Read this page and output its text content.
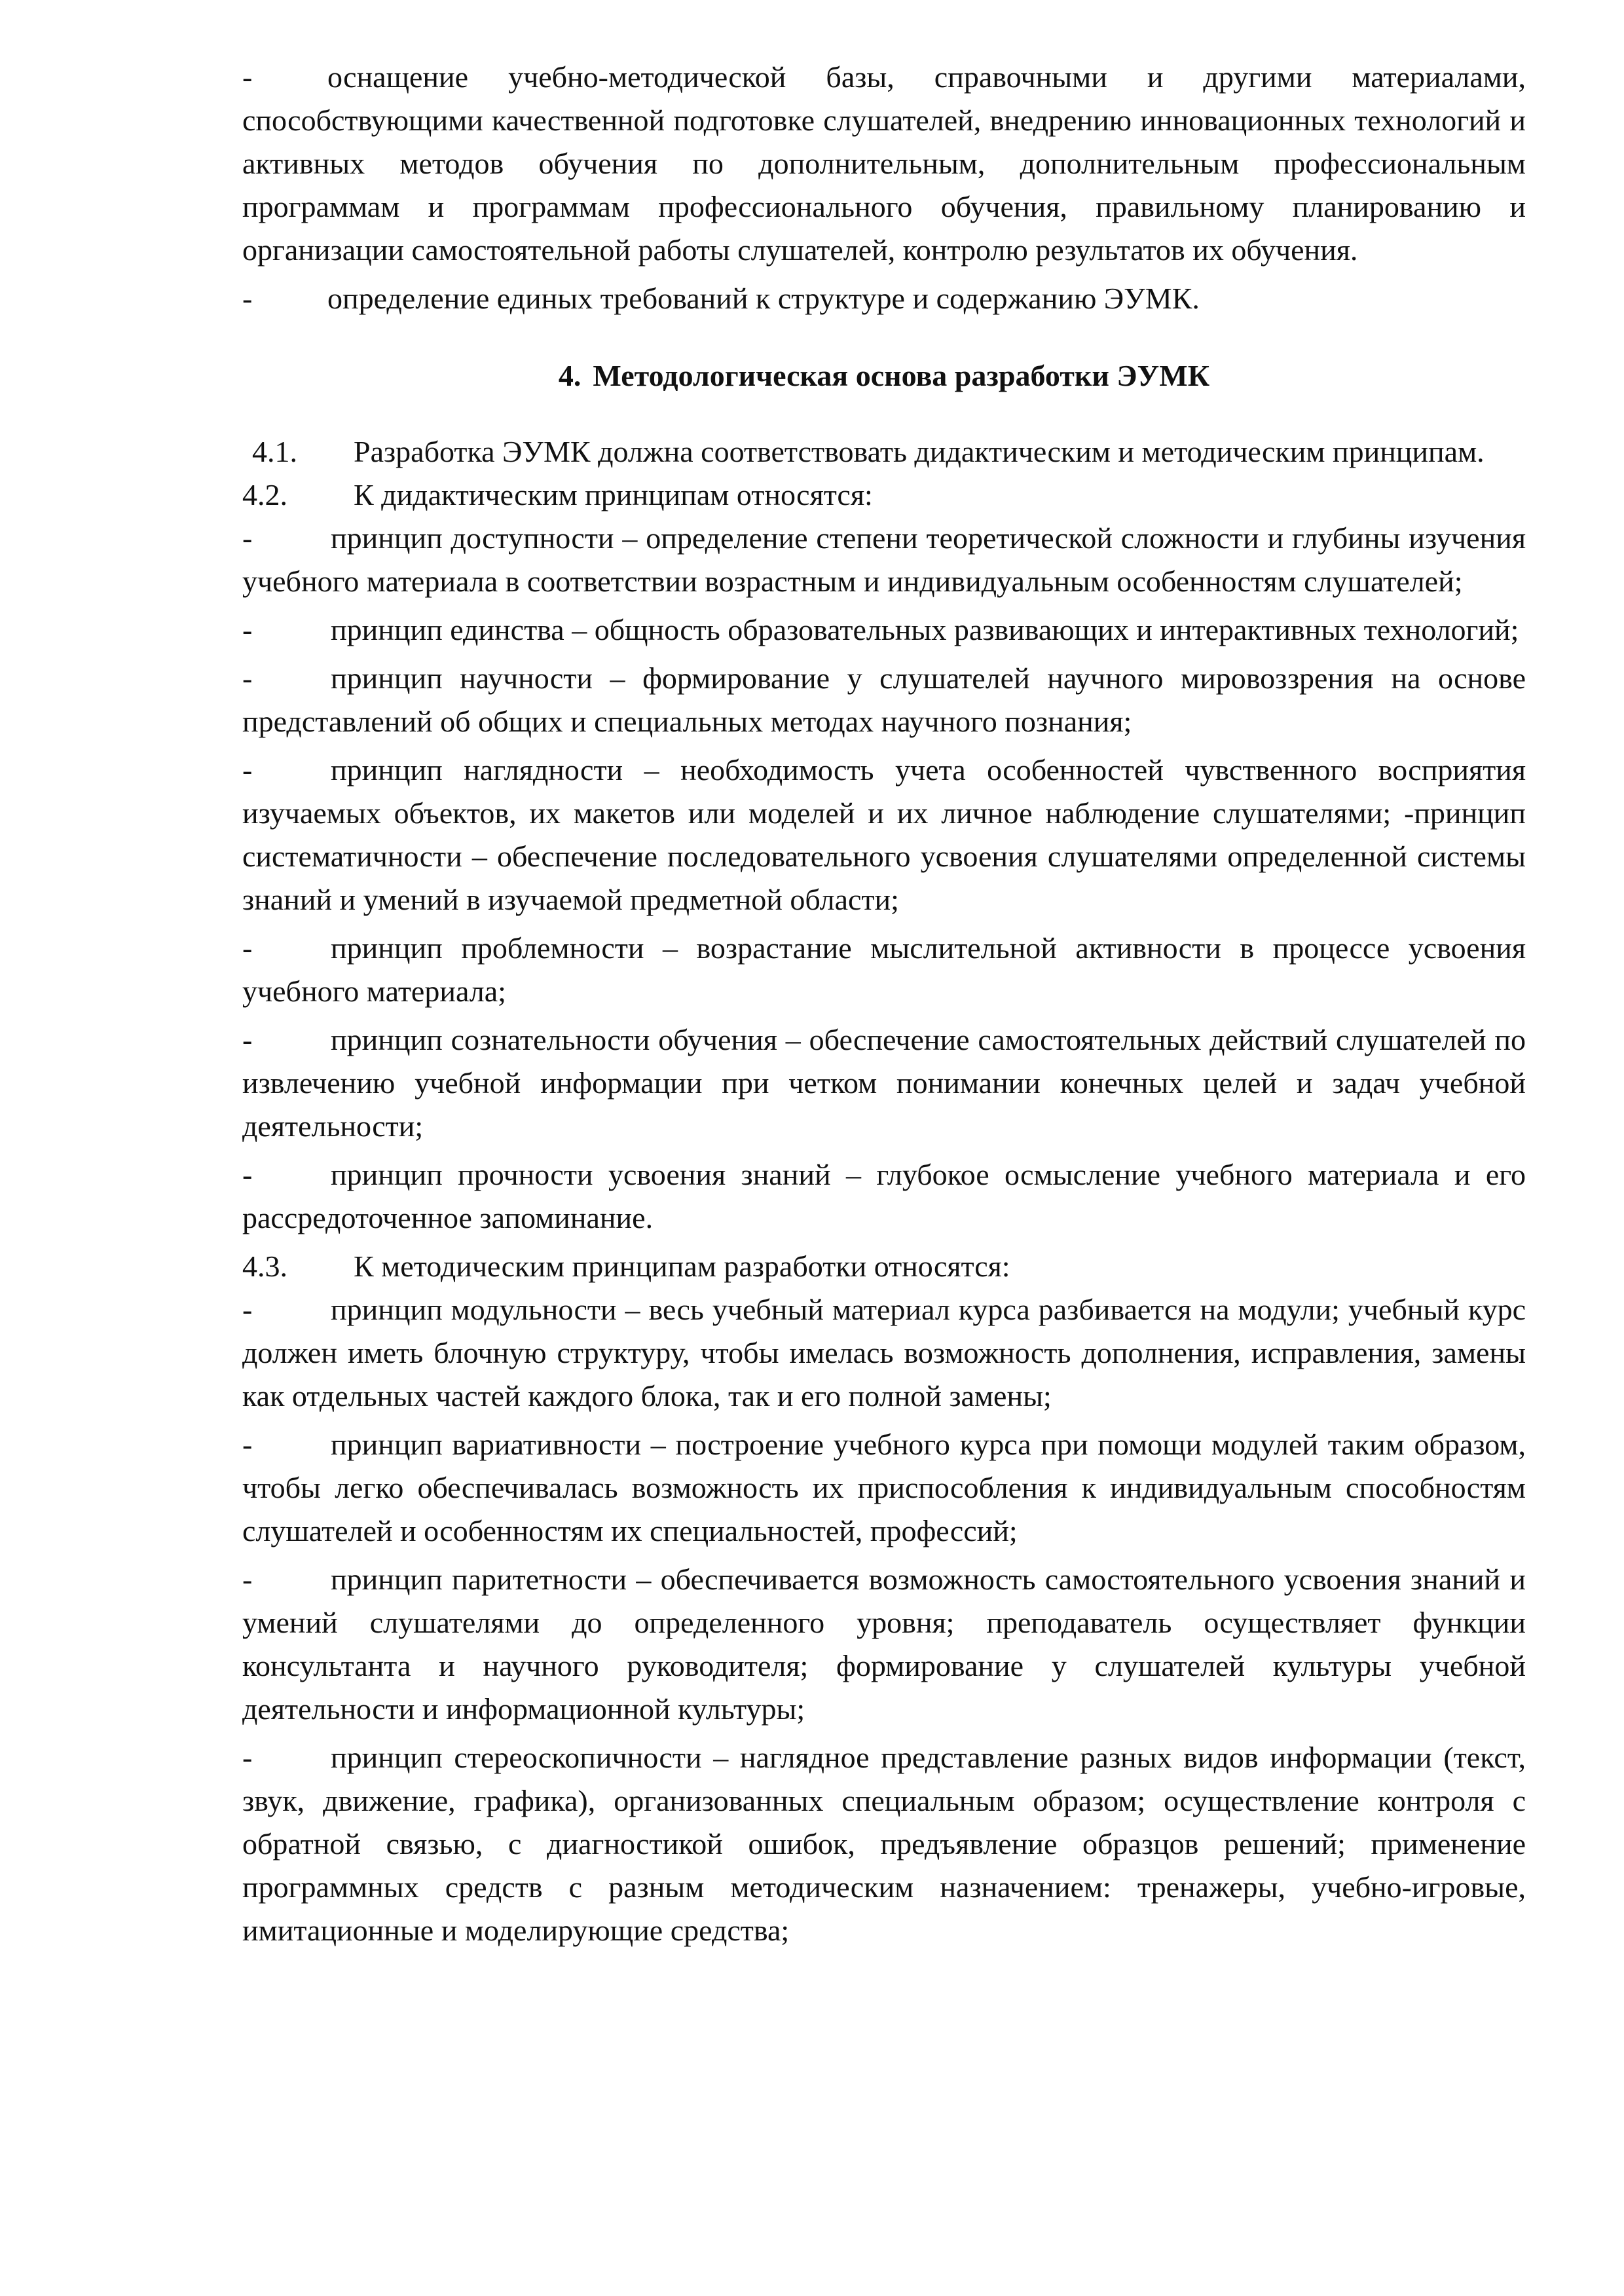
- оснащение учебно-методической базы, справочными и другими материалами, способствующими качественной подготовке слушателей, внедрению инновационных технологий и активных методов обучения по дополнительным, дополнительным профессиональным программам и программам профессионального обучения, правильному планированию и организации самостоятельной работы слушателей, контролю результатов их обучения.

- определение единых требований к структуре и содержанию ЭУМК.

4. Методологическая основа разработки ЭУМК

4.1. Разработка ЭУМК должна соответствовать дидактическим и методическим принципам.

4.2. К дидактическим принципам относятся:

-	принцип доступности – определение степени теоретической сложности и глубины изучения учебного материала в соответствии возрастным и индивидуальным особенностям слушателей;

-	принцип единства – общность образовательных развивающих и интерактивных технологий;

-	принцип научности – формирование у слушателей научного мировоззрения на основе представлений об общих и специальных методах научного познания;

-	принцип наглядности – необходимость учета особенностей чувственного восприятия изучаемых объектов, их макетов или моделей и их личное наблюдение слушателями; -принцип систематичности – обеспечение последовательного усвоения слушателями определенной системы знаний и умений в изучаемой предметной области;

-	принцип проблемности – возрастание мыслительной активности в процессе усвоения учебного материала;

-	принцип сознательности обучения – обеспечение самостоятельных действий слушателей по извлечению учебной информации при четком понимании конечных целей и задач учебной деятельности;

-	принцип прочности усвоения знаний – глубокое осмысление учебного материала и его рассредоточенное запоминание.

4.3. К методическим принципам разработки относятся:

-	принцип модульности – весь учебный материал курса разбивается на модули; учебный курс должен иметь блочную структуру, чтобы имелась возможность дополнения, исправления, замены как отдельных частей каждого блока, так и его полной замены;

-	принцип вариативности – построение учебного курса при помощи модулей таким образом, чтобы легко обеспечивалась возможность их приспособления к индивидуальным способностям слушателей и особенностям их специальностей, профессий;

-	принцип паритетности – обеспечивается возможность самостоятельного усвоения знаний и умений слушателями до определенного уровня; преподаватель осуществляет функции консультанта и научного руководителя; формирование у слушателей культуры учебной деятельности и информационной культуры;

-	принцип стереоскопичности – наглядное представление разных видов информации (текст, звук, движение, графика), организованных специальным образом; осуществление контроля с обратной связью, с диагностикой ошибок, предъявление образцов решений; применение программных средств с разным методическим назначением: тренажеры, учебно-игровые, имитационные и моделирующие средства;
